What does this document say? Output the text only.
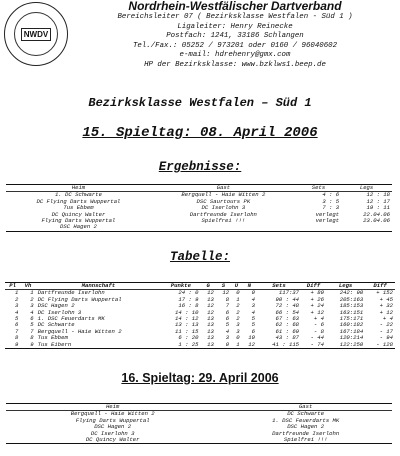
NWDV
Nordrhein-Westfälischer Dartverband
Bereichsleiter 07 ( Bezirksklasse Westfalen - Süd 1 )
Ligaleiter: Henry Reinecke
Postfach: 1241, 33186 Schlangen
Tel./Fax.: 05252 / 973201 oder 0160 / 96040602
e-mail: hdrehenry@gmx.com
HP der Bezirksklasse: www.bzklws1.beep.de
Bezirksklasse Westfalen – Süd 1
15. Spieltag: 08. April 2006
Ergebnisse:
Heim	Gast	Sets	Legs
1. DC Schwarte	Bergquell - Haie Witten 2	4 : 6	12 : 18
DC Flying Darts Wuppertal	DSC Saurtours PK	3 : 5	12 : 17
Tus Ebbem	DC Iserlohn 3	7 : 3	19 : 11
DC Quincy Walter	Dartfreunde Iserlohn	verlegt	22.04.06
Flying Darts Wuppertal	Spielfrei !!!	verlegt	23.04.06
DSC Hagen 2			
Tabelle:
Pl	Vh	Mannschaft	Punkte	G	S	U	N	Sets	Diff	Legs	Diff
1	1	Dartfreunde Iserlohn	24 : 0	12	12	0	0	117:37	+ 80	242: 90	+ 152
2	2	DC Flying Darts Wuppertal	17 : 9	13	8	1	4	90 : 44	+ 26	205:163	+ 45
3	3	DSC Hagen 2	16 : 8	12	7	2	3	72 : 48	+ 24	185:153	+ 32
4	4	DC Iserlohn 3	14 : 10	12	6	2	4	66 : 54	+ 12	163:151	+ 12
5	6	1. DSC Feuerdarts MK	14 : 12	13	6	2	5	67 : 63	+ 4	175:171	+ 4
6	5	DC Schwarte	13 : 13	13	5	3	5	62 : 68	- 6	160:182	- 22
7	7	Bergquell - Haie Witten 2	11 : 15	13	4	3	6	61 : 69	- 8	167:184	- 17
8	8	Tus Ebbem	6 : 20	13	3	0	10	43 : 87	- 44	120:214	- 94
9	9	Tus Eibern	1 : 25	13	0	1	12	41 : 115	- 74	122:250	- 128
16. Spieltag: 29. April 2006
Heim	Gast
Bergquell - Haie Witten 2	DC Schwarte
Flying Darts Wuppertal	1. DSC Feuerdarts MK
DSC Hagen 2	DSC Hagen 2
DC Iserlohn 3	Dartfreunde Iserlohn
DC Quincy Walter	Spielfrei !!!
